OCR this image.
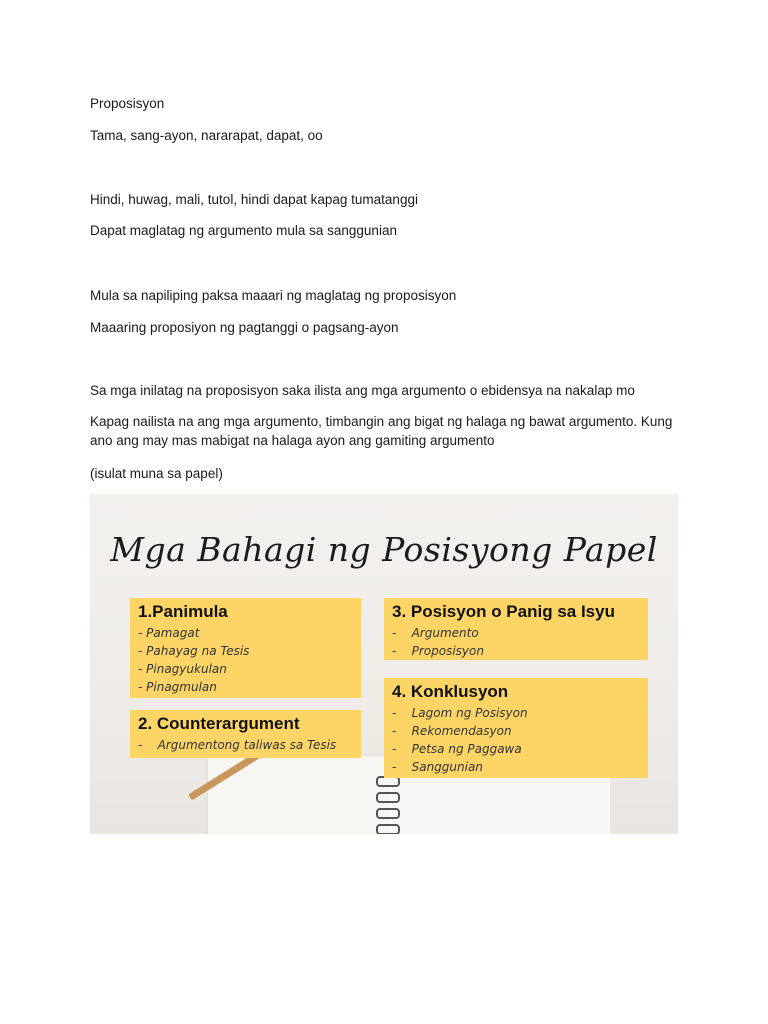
Proposisyon
Tama, sang-ayon, nararapat, dapat, oo
Hindi, huwag, mali, tutol, hindi dapat kapag tumatanggi
Dapat maglatag ng argumento mula sa sanggunian
Mula sa napiliping paksa maaari ng maglatag ng proposisyon
Maaaring proposiyon ng pagtanggi o pagsang-ayon
Sa mga inilatag na proposisyon saka ilista ang mga argumento o ebidensya na nakalap mo
Kapag nailista na ang mga argumento, timbangin ang bigat ng halaga ng bawat argumento. Kung ano ang may mas mabigat na halaga ayon ang gamiting argumento
(isulat muna sa papel)
Mga Bahagi ng Posisyong Papel
1.Panimula
- Pamagat
- Pahayag na Tesis
- Pinagyukulan
- Pinagmulan
2. Counterargument
-    Argumentong taliwas sa Tesis
3. Posisyon o Panig sa Isyu
-    Argumento
-    Proposisyon
4. Konklusyon
-    Lagom ng Posisyon
-    Rekomendasyon
-    Petsa ng Paggawa
-    Sanggunian
